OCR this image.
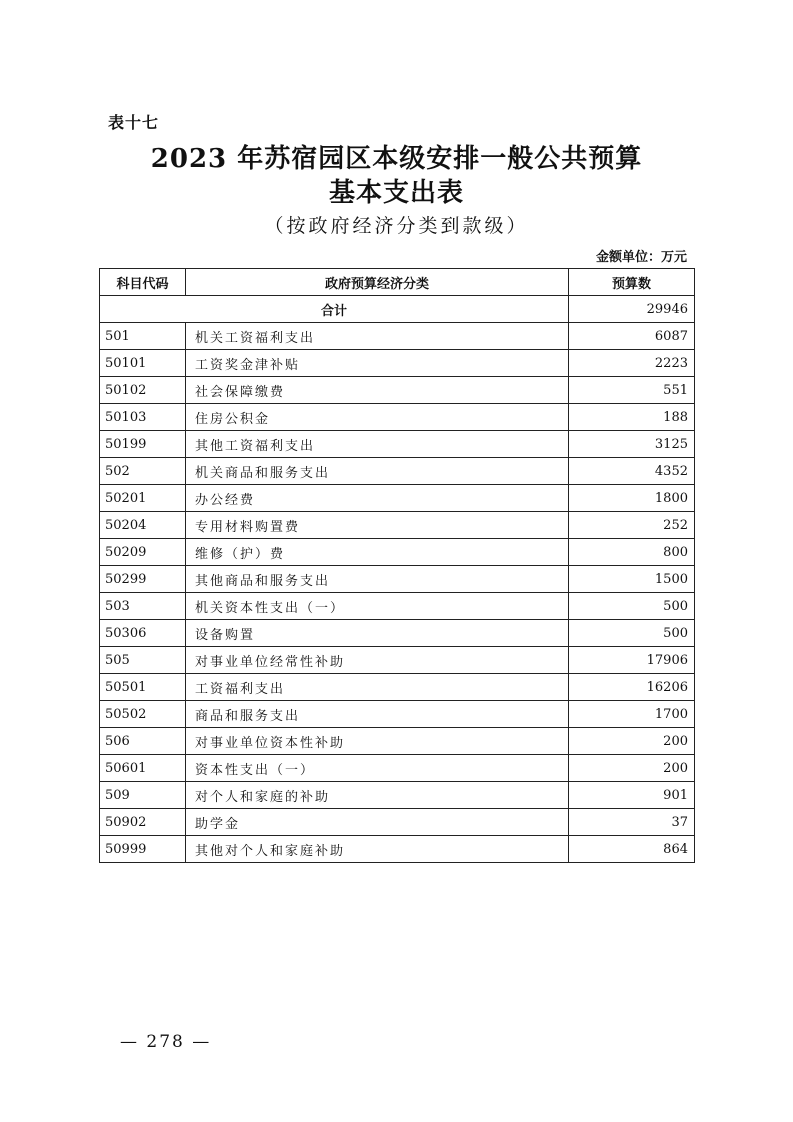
表十七
2023 年苏宿园区本级安排一般公共预算
基本支出表
（按政府经济分类到款级）
金额单位：万元
科目代码	政府预算经济分类	预算数
合计		29946
501	机关工资福利支出	6087
50101	工资奖金津补贴	2223
50102	社会保障缴费	551
50103	住房公积金	188
50199	其他工资福利支出	3125
502	机关商品和服务支出	4352
50201	办公经费	1800
50204	专用材料购置费	252
50209	维修（护）费	800
50299	其他商品和服务支出	1500
503	机关资本性支出（一）	500
50306	设备购置	500
505	对事业单位经常性补助	17906
50501	工资福利支出	16206
50502	商品和服务支出	1700
506	对事业单位资本性补助	200
50601	资本性支出（一）	200
509	对个人和家庭的补助	901
50902	助学金	37
50999	其他对个人和家庭补助	864
— 278 —
